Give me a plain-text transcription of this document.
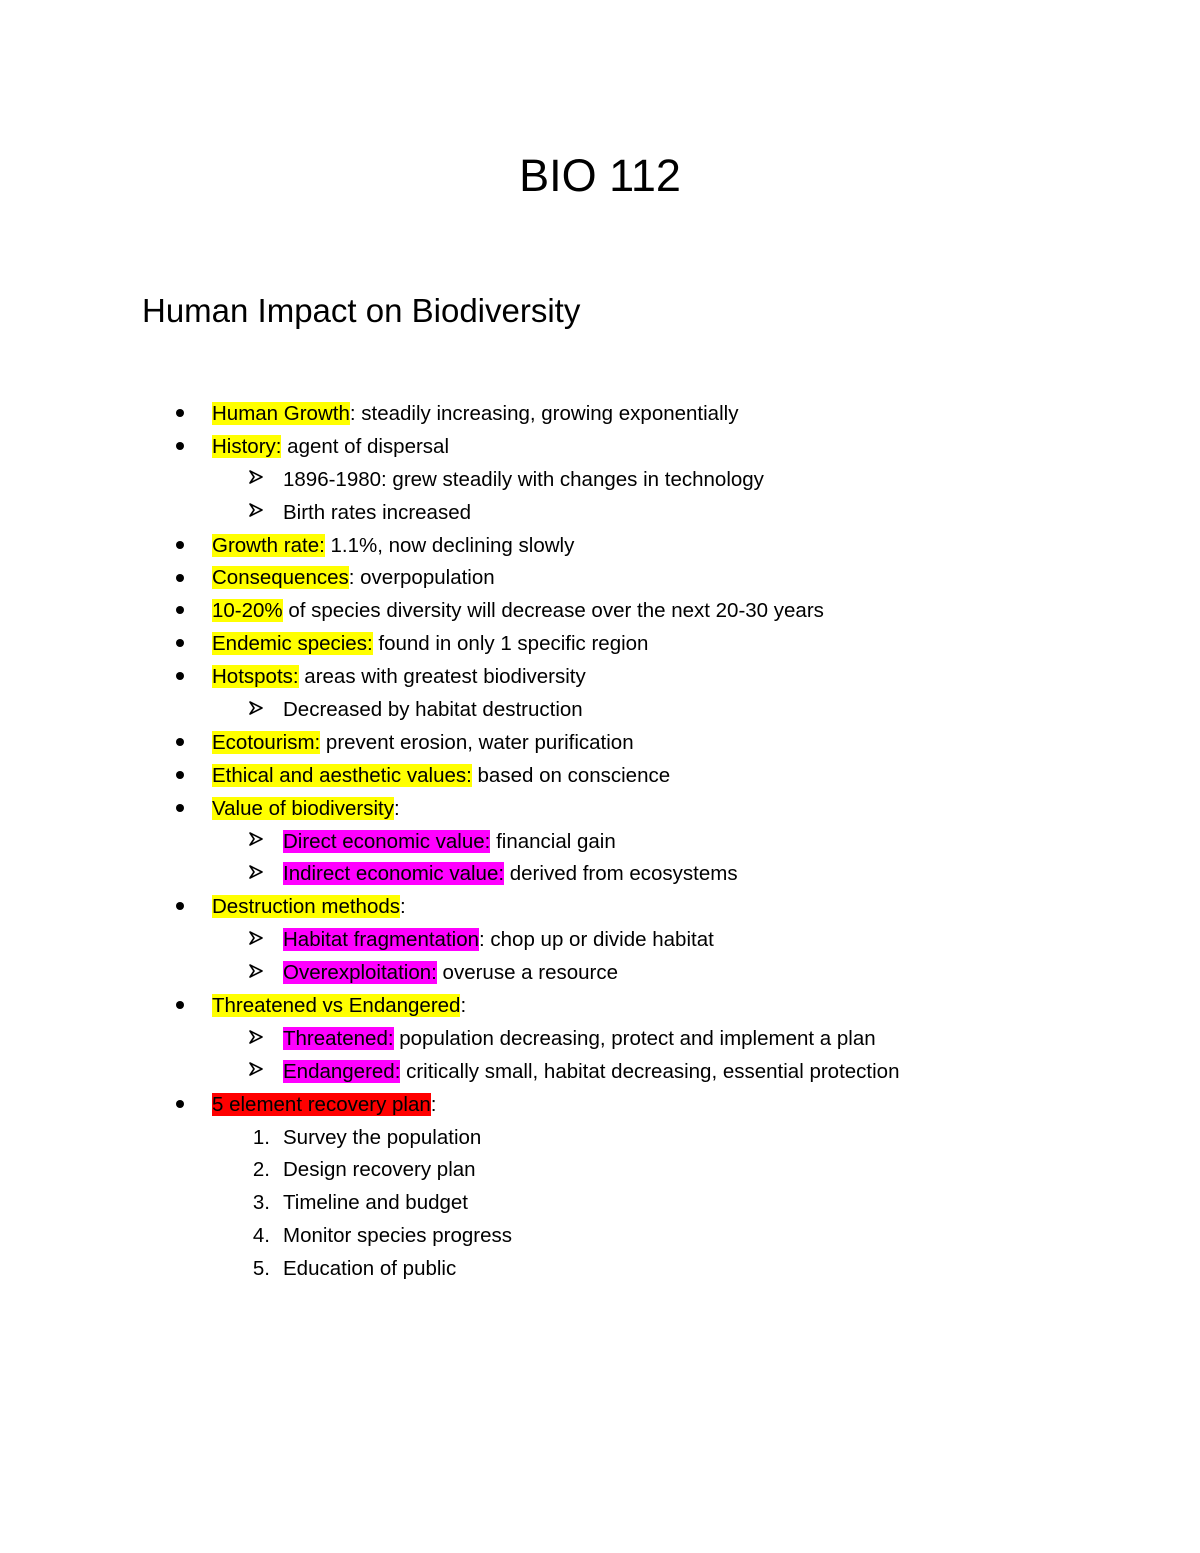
BIO 112
Human Impact on Biodiversity
Human Growth: steadily increasing, growing exponentially
History: agent of dispersal
1896-1980: grew steadily with changes in technology
Birth rates increased
Growth rate: 1.1%, now declining slowly
Consequences: overpopulation
10-20% of species diversity will decrease over the next 20-30 years
Endemic species: found in only 1 specific region
Hotspots: areas with greatest biodiversity
Decreased by habitat destruction
Ecotourism: prevent erosion, water purification
Ethical and aesthetic values: based on conscience
Value of biodiversity:
Direct economic value: financial gain
Indirect economic value: derived from ecosystems
Destruction methods:
Habitat fragmentation: chop up or divide habitat
Overexploitation: overuse a resource
Threatened vs Endangered:
Threatened: population decreasing, protect and implement a plan
Endangered: critically small, habitat decreasing, essential protection
5 element recovery plan:
1. Survey the population
2. Design recovery plan
3. Timeline and budget
4. Monitor species progress
5. Education of public
